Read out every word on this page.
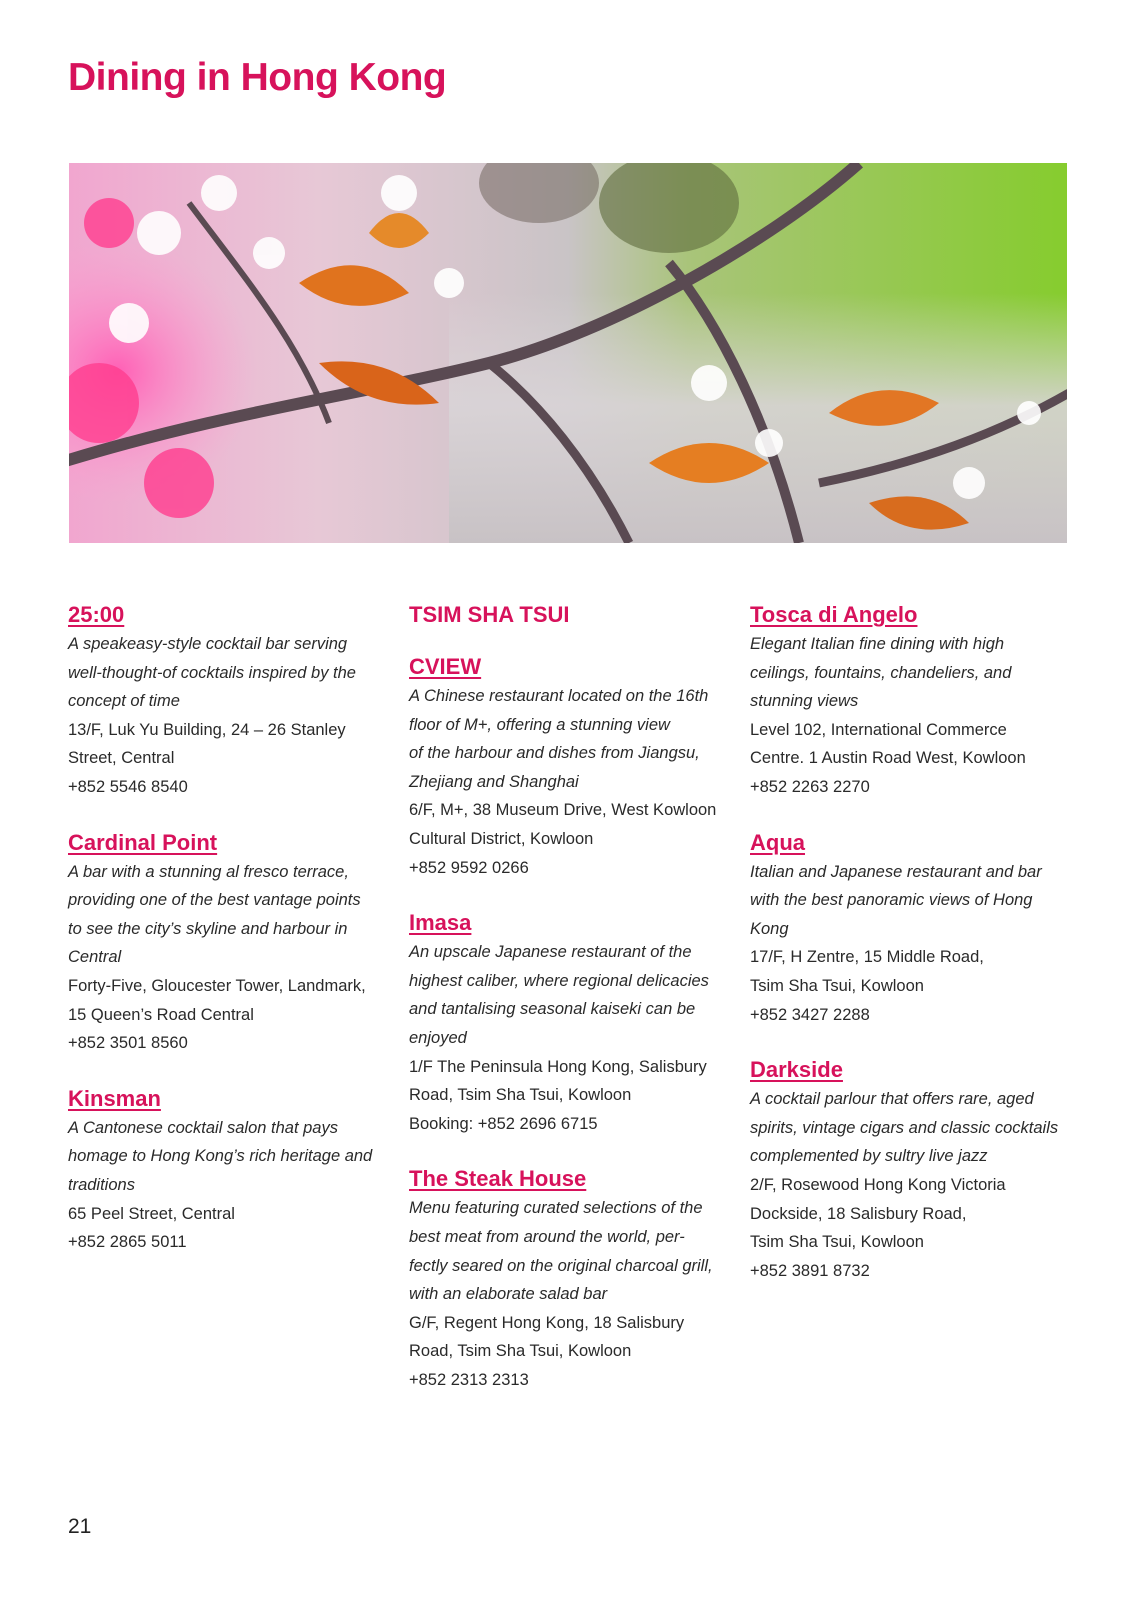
Dining in Hong Kong
25:00
A speakeasy-style cocktail bar serving
well-thought-of cocktails inspired by the
concept of time
13/F, Luk Yu Building, 24 – 26 Stanley
Street, Central
+852 5546 8540
Cardinal Point
A bar with a stunning al fresco terrace,
providing one of the best vantage points
to see the city’s skyline and harbour in
Central
Forty-Five, Gloucester Tower, Landmark,
15 Queen’s Road Central
+852 3501 8560
Kinsman
A Cantonese cocktail salon that pays
homage to Hong Kong’s rich heritage and
traditions
65 Peel Street, Central
+852 2865 5011
TSIM SHA TSUI
CVIEW
A Chinese restaurant located on the 16th
floor of M+, offering a stunning view
of the harbour and dishes from Jiangsu,
Zhejiang and Shanghai
6/F, M+, 38 Museum Drive, West Kowloon
Cultural District, Kowloon
+852 9592 0266
Imasa
An upscale Japanese restaurant of the
highest caliber, where regional delicacies
and tantalising seasonal kaiseki can be
enjoyed
1/F The Peninsula Hong Kong, Salisbury
Road, Tsim Sha Tsui, Kowloon
Booking: +852 2696 6715
The Steak House
Menu featuring curated selections of the
best meat from around the world, per-
fectly seared on the original charcoal grill,
with an elaborate salad bar
G/F, Regent Hong Kong, 18 Salisbury
Road, Tsim Sha Tsui, Kowloon
+852 2313 2313
Tosca di Angelo
Elegant Italian fine dining with high
ceilings, fountains, chandeliers, and
stunning views
Level 102, International Commerce
Centre. 1 Austin Road West, Kowloon
+852 2263 2270
Aqua
Italian and Japanese restaurant and bar
with the best panoramic views of Hong
Kong
17/F, H Zentre, 15 Middle Road,
Tsim Sha Tsui, Kowloon
+852 3427 2288
Darkside
A cocktail parlour that offers rare, aged
spirits, vintage cigars and classic cocktails
complemented by sultry live jazz
2/F, Rosewood Hong Kong Victoria
Dockside, 18 Salisbury Road,
Tsim Sha Tsui, Kowloon
+852 3891 8732
21
